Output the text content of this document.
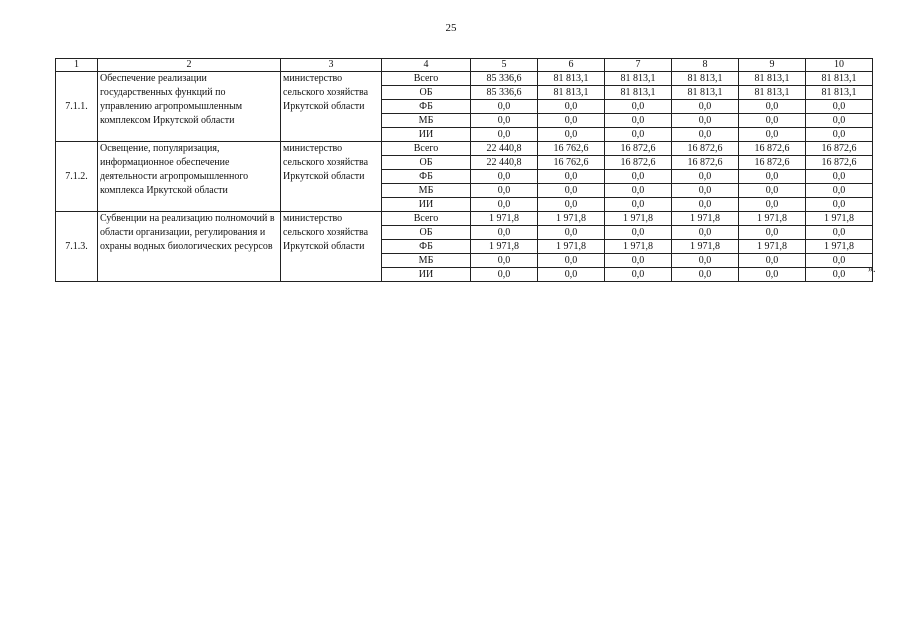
25
1	2	3	4	5	6	7	8	9	10
7.1.1.	Обеспечение реализации государственных функций по управлению агропромышленным комплексом Иркутской области	министерство сельского хозяйства Иркутской области	Всего	85 336,6	81 813,1	81 813,1	81 813,1	81 813,1	81 813,1
			ОБ	85 336,6	81 813,1	81 813,1	81 813,1	81 813,1	81 813,1
			ФБ	0,0	0,0	0,0	0,0	0,0	0,0
			МБ	0,0	0,0	0,0	0,0	0,0	0,0
			ИИ	0,0	0,0	0,0	0,0	0,0	0,0
7.1.2.	Освещение, популяризация, информационное обеспечение деятельности агропромышленного комплекса Иркутской области	министерство сельского хозяйства Иркутской области	Всего	22 440,8	16 762,6	16 872,6	16 872,6	16 872,6	16 872,6
			ОБ	22 440,8	16 762,6	16 872,6	16 872,6	16 872,6	16 872,6
			ФБ	0,0	0,0	0,0	0,0	0,0	0,0
			МБ	0,0	0,0	0,0	0,0	0,0	0,0
			ИИ	0,0	0,0	0,0	0,0	0,0	0,0
7.1.3.	Субвенции на реализацию полномочий в области организации, регулирования и охраны водных биологических ресурсов	министерство сельского хозяйства Иркутской области	Всего	1 971,8	1 971,8	1 971,8	1 971,8	1 971,8	1 971,8
			ОБ	0,0	0,0	0,0	0,0	0,0	0,0
			ФБ	1 971,8	1 971,8	1 971,8	1 971,8	1 971,8	1 971,8
			МБ	0,0	0,0	0,0	0,0	0,0	0,0
			ИИ	0,0	0,0	0,0	0,0	0,0	0,0 ».
